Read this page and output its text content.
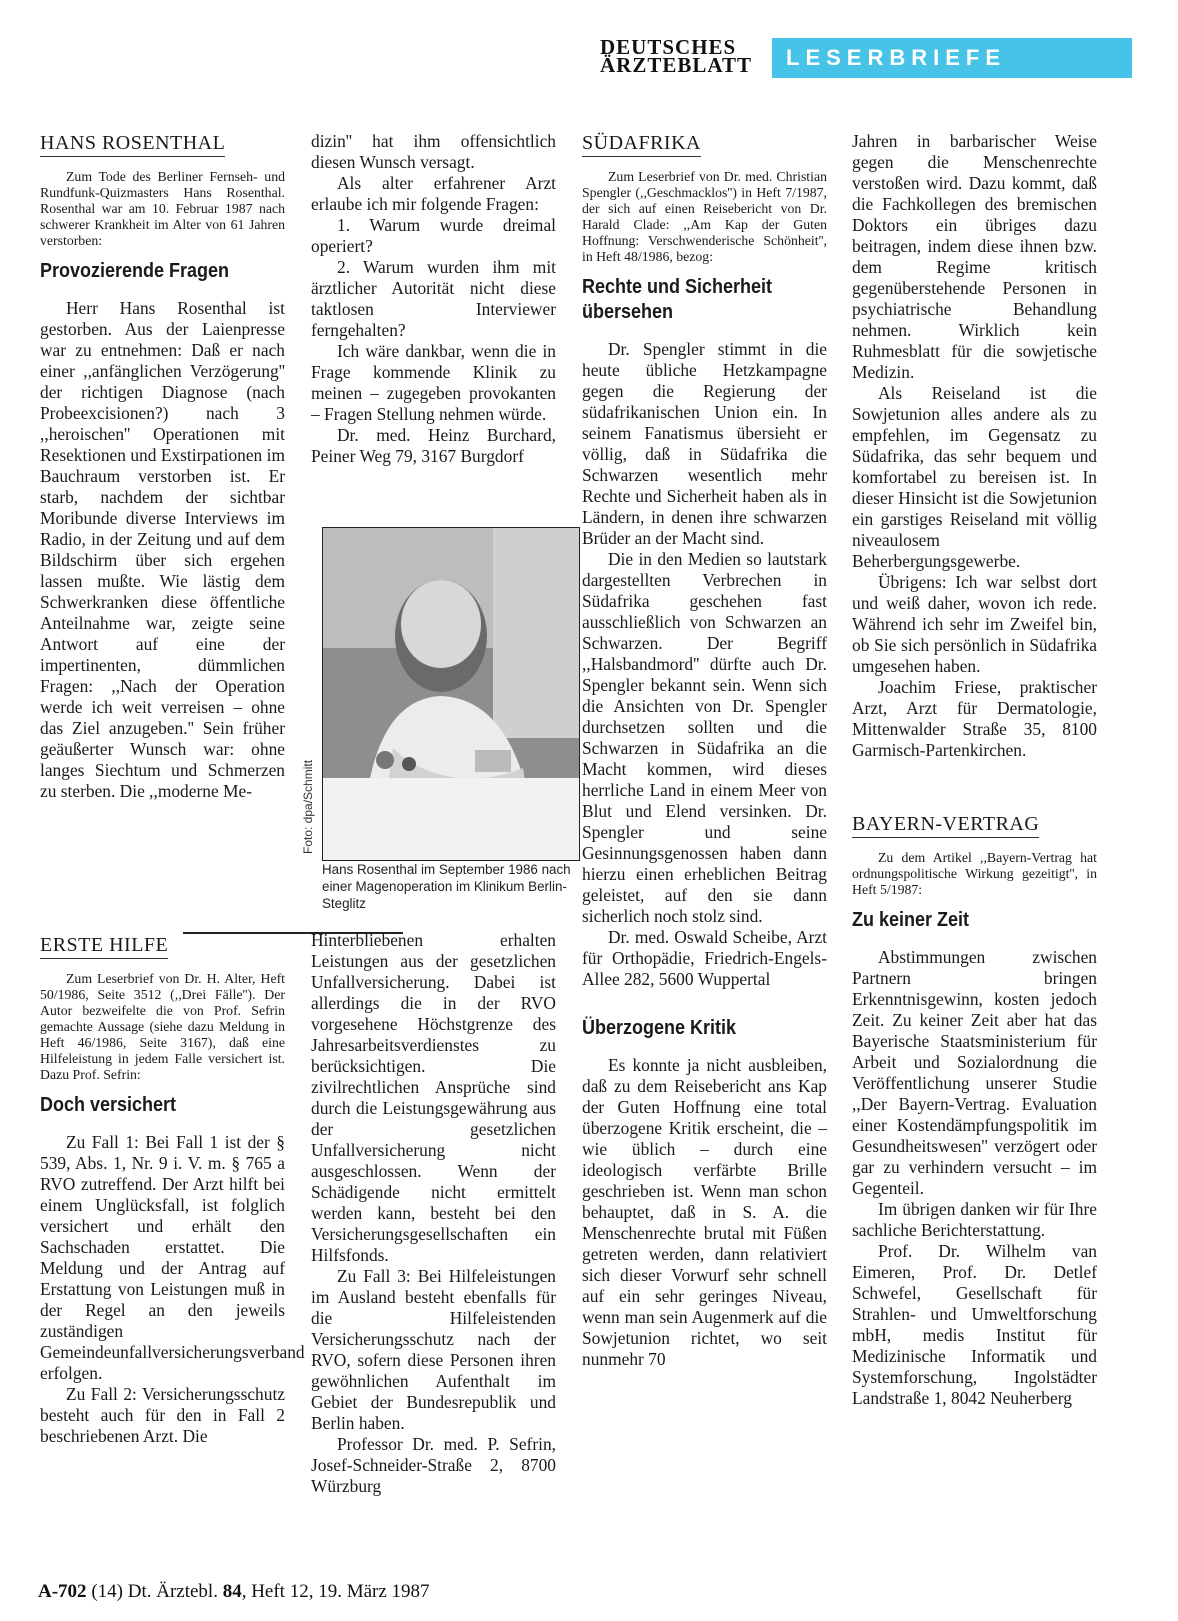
DEUTSCHES
ÄRZTEBLATT	LESERBRIEFE
HANS ROSENTHAL

Zum Tode des Berliner Fernseh- und Rundfunk-Quizmasters Hans Rosenthal. Rosenthal war am 10. Februar 1987 nach schwerer Krankheit im Alter von 61 Jahren verstorben:

Provozierende Fragen

Herr Hans Rosenthal ist gestorben. Aus der Laienpresse war zu entnehmen: Daß er nach einer ,,anfänglichen Verzögerung'' der richtigen Diagnose (nach Probeexcisionen?) nach 3 ,,heroischen'' Operationen mit Resektionen und Exstirpationen im Bauchraum verstorben ist. Er starb, nachdem der sichtbar Moribunde diverse Interviews im Radio, in der Zeitung und auf dem Bildschirm über sich ergehen lassen mußte. Wie lästig dem Schwerkranken diese öffentliche Anteilnahme war, zeigte seine Antwort auf eine der impertinenten, dümmlichen Fragen: ,,Nach der Operation werde ich weit verreisen – ohne das Ziel anzugeben.'' Sein früher geäußerter Wunsch war: ohne langes Siechtum und Schmerzen zu sterben. Die ,,moderne Me-

dizin'' hat ihm offensichtlich diesen Wunsch versagt.

Als alter erfahrener Arzt erlaube ich mir folgende Fragen:

1. Warum wurde dreimal operiert?

2. Warum wurden ihm mit ärztlicher Autorität nicht diese taktlosen Interviewer ferngehalten?

Ich wäre dankbar, wenn die in Frage kommende Klinik zu meinen – zugegeben provokanten – Fragen Stellung nehmen würde.

Dr. med. Heinz Burchard, Peiner Weg 79, 3167 Burgdorf

Foto: dpa/Schmitt
Hans Rosenthal im September 1986 nach einer Magenoperation im Klinikum Berlin-Steglitz
ERSTE HILFE

Zum Leserbrief von Dr. H. Alter, Heft 50/1986, Seite 3512 (,,Drei Fälle''). Der Autor bezweifelte die von Prof. Sefrin gemachte Aussage (siehe dazu Meldung in Heft 46/1986, Seite 3167), daß eine Hilfeleistung in jedem Falle versichert ist. Dazu Prof. Sefrin:

Doch versichert

Zu Fall 1: Bei Fall 1 ist der § 539, Abs. 1, Nr. 9 i. V. m. § 765 a RVO zutreffend. Der Arzt hilft bei einem Unglücksfall, ist folglich versichert und erhält den Sachschaden erstattet. Die Meldung und der Antrag auf Erstattung von Leistungen muß in der Regel an den jeweils zuständigen Gemeindeunfallversicherungsverband erfolgen.

Zu Fall 2: Versicherungsschutz besteht auch für den in Fall 2 beschriebenen Arzt. Die

Hinterbliebenen erhalten Leistungen aus der gesetzlichen Unfallversicherung. Dabei ist allerdings die in der RVO vorgesehene Höchstgrenze des Jahresarbeitsverdienstes zu berücksichtigen. Die zivilrechtlichen Ansprüche sind durch die Leistungsgewährung aus der gesetzlichen Unfallversicherung nicht ausgeschlossen. Wenn der Schädigende nicht ermittelt werden kann, besteht bei den Versicherungsgesellschaften ein Hilfsfonds.

Zu Fall 3: Bei Hilfeleistungen im Ausland besteht ebenfalls für die Hilfeleistenden Versicherungsschutz nach der RVO, sofern diese Personen ihren gewöhnlichen Aufenthalt im Gebiet der Bundesrepublik und Berlin haben.

Professor Dr. med. P. Sefrin, Josef-Schneider-Straße 2, 8700 Würzburg

SÜDAFRIKA

Zum Leserbrief von Dr. med. Christian Spengler (,,Geschmacklos'') in Heft 7/1987, der sich auf einen Reisebericht von Dr. Harald Clade: ,,Am Kap der Guten Hoffnung: Verschwenderische Schönheit'', in Heft 48/1986, bezog:

Rechte und Sicherheit übersehen

Dr. Spengler stimmt in die heute übliche Hetzkampagne gegen die Regierung der südafrikanischen Union ein. In seinem Fanatismus übersieht er völlig, daß in Südafrika die Schwarzen wesentlich mehr Rechte und Sicherheit haben als in Ländern, in denen ihre schwarzen Brüder an der Macht sind.

Die in den Medien so lautstark dargestellten Verbrechen in Südafrika geschehen fast ausschließlich von Schwarzen an Schwarzen. Der Begriff ,,Halsbandmord'' dürfte auch Dr. Spengler bekannt sein. Wenn sich die Ansichten von Dr. Spengler durchsetzen sollten und die Schwarzen in Südafrika an die Macht kommen, wird dieses herrliche Land in einem Meer von Blut und Elend versinken. Dr. Spengler und seine Gesinnungsgenossen haben dann hierzu einen erheblichen Beitrag geleistet, auf den sie dann sicherlich noch stolz sind.

Dr. med. Oswald Scheibe, Arzt für Orthopädie, Friedrich-Engels-Allee 282, 5600 Wuppertal

Überzogene Kritik

Es konnte ja nicht ausbleiben, daß zu dem Reisebericht ans Kap der Guten Hoffnung eine total überzogene Kritik erscheint, die – wie üblich – durch eine ideologisch verfärbte Brille geschrieben ist. Wenn man schon behauptet, daß in S. A. die Menschenrechte brutal mit Füßen getreten werden, dann relativiert sich dieser Vorwurf sehr schnell auf ein sehr geringes Niveau, wenn man sein Augenmerk auf die Sowjetunion richtet, wo seit nunmehr 70

Jahren in barbarischer Weise gegen die Menschenrechte verstoßen wird. Dazu kommt, daß die Fachkollegen des bremischen Doktors ein übriges dazu beitragen, indem diese ihnen bzw. dem Regime kritisch gegenüberstehende Personen in psychiatrische Behandlung nehmen. Wirklich kein Ruhmesblatt für die sowjetische Medizin.

Als Reiseland ist die Sowjetunion alles andere als zu empfehlen, im Gegensatz zu Südafrika, das sehr bequem und komfortabel zu bereisen ist. In dieser Hinsicht ist die Sowjetunion ein garstiges Reiseland mit völlig niveaulosem Beherbergungsgewerbe.

Übrigens: Ich war selbst dort und weiß daher, wovon ich rede. Während ich sehr im Zweifel bin, ob Sie sich persönlich in Südafrika umgesehen haben.

Joachim Friese, praktischer Arzt, Arzt für Dermatologie, Mittenwalder Straße 35, 8100 Garmisch-Partenkirchen.

BAYERN-VERTRAG

Zu dem Artikel ,,Bayern-Vertrag hat ordnungspolitische Wirkung gezeitigt'', in Heft 5/1987:

Zu keiner Zeit

Abstimmungen zwischen Partnern bringen Erkenntnisgewinn, kosten jedoch Zeit. Zu keiner Zeit aber hat das Bayerische Staatsministerium für Arbeit und Sozialordnung die Veröffentlichung unserer Studie ,,Der Bayern-Vertrag. Evaluation einer Kostendämpfungspolitik im Gesundheitswesen'' verzögert oder gar zu verhindern versucht – im Gegenteil.

Im übrigen danken wir für Ihre sachliche Berichterstattung.

Prof. Dr. Wilhelm van Eimeren, Prof. Dr. Detlef Schwefel, Gesellschaft für Strahlen- und Umweltforschung mbH, medis Institut für Medizinische Informatik und Systemforschung, Ingolstädter Landstraße 1, 8042 Neuherberg

A-702 (14) Dt. Ärztebl. 84, Heft 12, 19. März 1987
